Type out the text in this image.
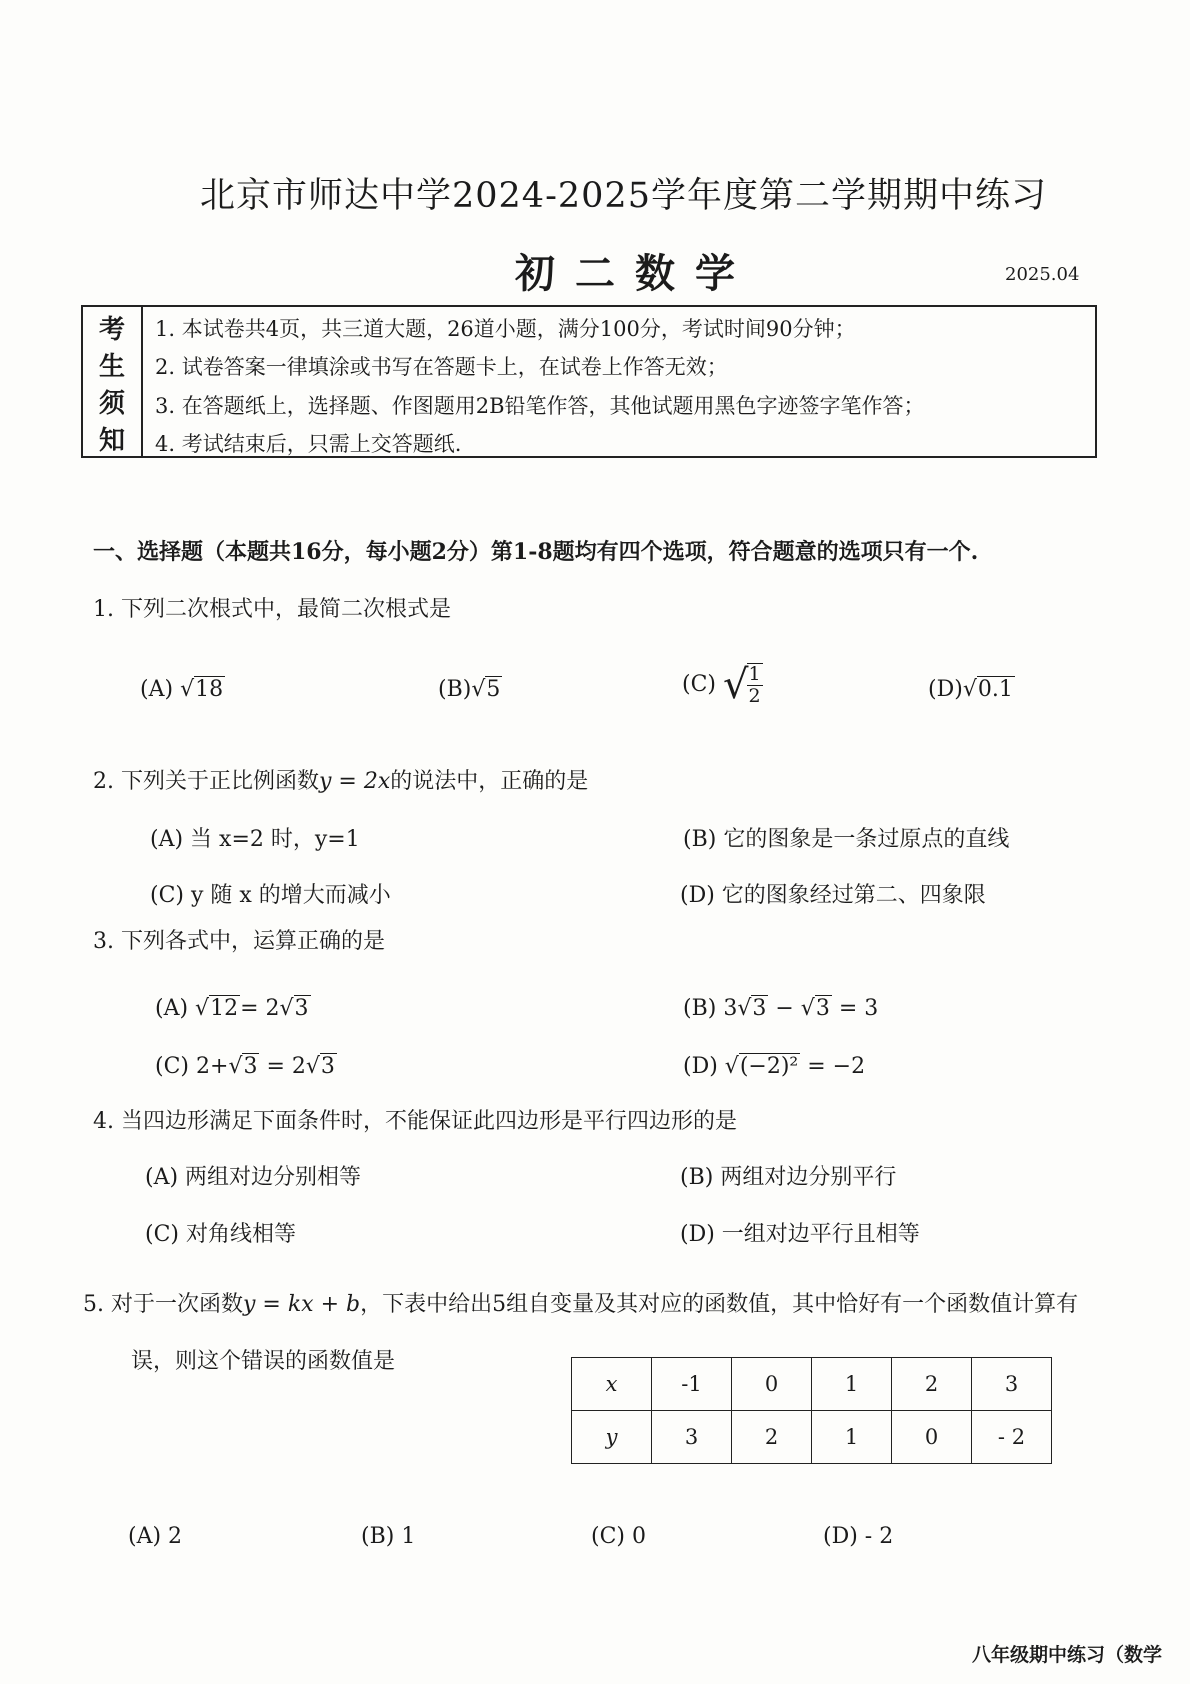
北京市师达中学2024-2025学年度第二学期期中练习
初二数学	2025.04
考
生
须
知
1. 本试卷共4页，共三道大题，26道小题，满分100分，考试时间90分钟；
2. 试卷答案一律填涂或书写在答题卡上，在试卷上作答无效；
3. 在答题纸上，选择题、作图题用2B铅笔作答，其他试题用黑色字迹签字笔作答；
4. 考试结束后，只需上交答题纸.
一、选择题（本题共16分，每小题2分）第1-8题均有四个选项，符合题意的选项只有一个.
1. 下列二次根式中，最简二次根式是
(A) √18	(B)√5	(C) √
$\frac{1}{2}$	(D)√0.1
2. 下列关于正比例函数y = 2x的说法中，正确的是
(A) 当 x=2 时，y=1	(B) 它的图象是一条过原点的直线
(C) y 随 x 的增大而减小	(D) 它的图象经过第二、四象限
3. 下列各式中，运算正确的是
(A) √12= 2√3	(B) 3√3 − √3 = 3
(C) 2+√3 = 2√3	(D) √(−2)² = −2
4. 当四边形满足下面条件时，不能保证此四边形是平行四边形的是
(A) 两组对边分别相等	(B) 两组对边分别平行
(C) 对角线相等	(D) 一组对边平行且相等
5. 对于一次函数y = kx + b，下表中给出5组自变量及其对应的函数值，其中恰好有一个函数值计算有
误，则这个错误的函数值是
x	-1	0	1	2	3
y	3	2	1	0	- 2
(A) 2	(B) 1	(C) 0	(D) - 2
八年级期中练习（数学
